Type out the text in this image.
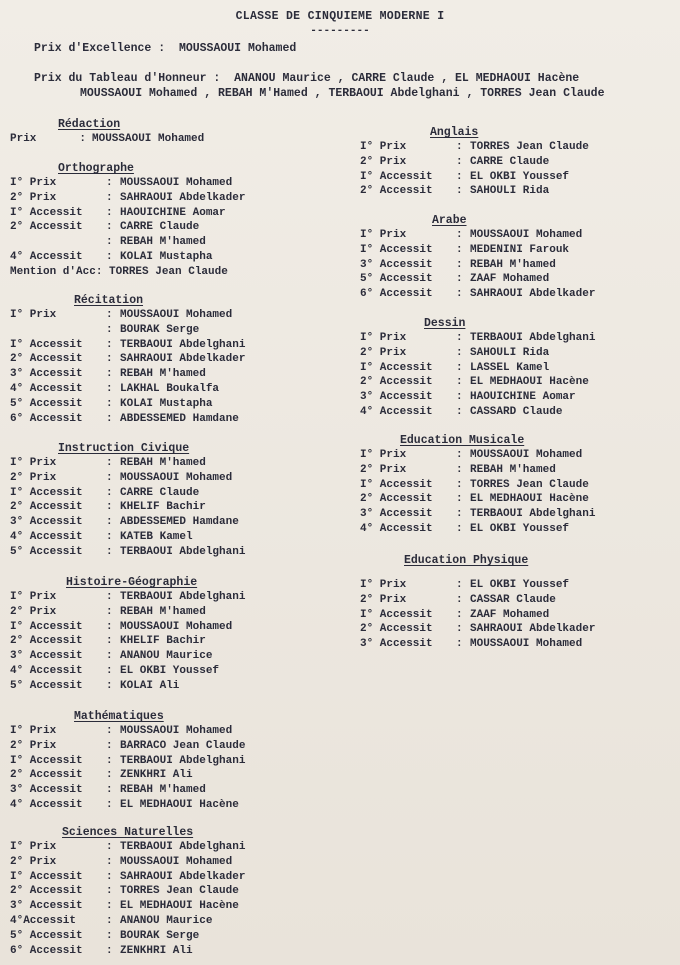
CLASSE DE CINQUIEME MODERNE I
---------
Prix d'Excellence : MOUSSAOUI Mohamed
Prix du Tableau d'Honneur : ANANOU Maurice , CARRE Claude , EL MEDHAOUI Hacène
MOUSSAOUI Mohamed , REBAH M'Hamed , TERBAOUI Abdelghani , TORRES Jean Claude
Rédaction
Prix	: MOUSSAOUI Mohamed
Orthographe
I° Prix	: MOUSSAOUI Mohamed
2° Prix	: SAHRAOUI Abdelkader
I° Accessit	: HAOUICHINE Aomar
2° Accessit	: CARRE Claude
: REBAH M'hamed
4° Accessit	: KOLAI Mustapha
Mention d'Acc: TORRES Jean Claude
Récitation
I° Prix	: MOUSSAOUI Mohamed
: BOURAK Serge
I° Accessit	: TERBAOUI Abdelghani
2° Accessit	: SAHRAOUI Abdelkader
3° Accessit	: REBAH M'hamed
4° Accessit	: LAKHAL Boukalfa
5° Accessit	: KOLAI Mustapha
6° Accessit	: ABDESSEMED Hamdane
Instruction Civique
I° Prix	: REBAH M'hamed
2° Prix	: MOUSSAOUI Mohamed
I° Accessit	: CARRE Claude
2° Accessit	: KHELIF Bachir
3° Accessit	: ABDESSEMED Hamdane
4° Accessit	: KATEB Kamel
5° Accessit	: TERBAOUI Abdelghani
Histoire-Géographie
I° Prix	: TERBAOUI Abdelghani
2° Prix	: REBAH M'hamed
I° Accessit	: MOUSSAOUI Mohamed
2° Accessit	: KHELIF Bachir
3° Accessit	: ANANOU Maurice
4° Accessit	: EL OKBI Youssef
5° Accessit	: KOLAI Ali
Mathématiques
I° Prix	: MOUSSAOUI Mohamed
2° Prix	: BARRACO Jean Claude
I° Accessit	: TERBAOUI Abdelghani
2° Accessit	: ZENKHRI Ali
3° Accessit	: REBAH M'hamed
4° Accessit	: EL MEDHAOUI Hacène
Sciences Naturelles
I° Prix	: TERBAOUI Abdelghani
2° Prix	: MOUSSAOUI Mohamed
I° Accessit	: SAHRAOUI Abdelkader
2° Accessit	: TORRES Jean Claude
3° Accessit	: EL MEDHAOUI Hacène
4°Accessit	: ANANOU Maurice
5° Accessit	: BOURAK Serge
6° Accessit	: ZENKHRI Ali
Anglais
I° Prix	: TORRES Jean Claude
2° Prix	: CARRE Claude
I° Accessit	: EL OKBI Youssef
2° Accessit	: SAHOULI Rida
Arabe
I° Prix	: MOUSSAOUI Mohamed
I° Accessit	: MEDENINI Farouk
3° Accessit	: REBAH M'hamed
5° Accessit	: ZAAF Mohamed
6° Accessit	: SAHRAOUI Abdelkader
Dessin
I° Prix	: TERBAOUI Abdelghani
2° Prix	: SAHOULI Rida
I° Accessit	: LASSEL Kamel
2° Accessit	: EL MEDHAOUI Hacène
3° Accessit	: HAOUICHINE Aomar
4° Accessit	: CASSARD Claude
Education Musicale
I° Prix	: MOUSSAOUI Mohamed
2° Prix	: REBAH M'hamed
I° Accessit	: TORRES Jean Claude
2° Accessit	: EL MEDHAOUI Hacène
3° Accessit	: TERBAOUI Abdelghani
4° Accessit	: EL OKBI Youssef
Education Physique
I° Prix	: EL OKBI Youssef
2° Prix	: CASSAR Claude
I° Accessit	: ZAAF Mohamed
2° Accessit	: SAHRAOUI Abdelkader
3° Accessit	: MOUSSAOUI Mohamed
